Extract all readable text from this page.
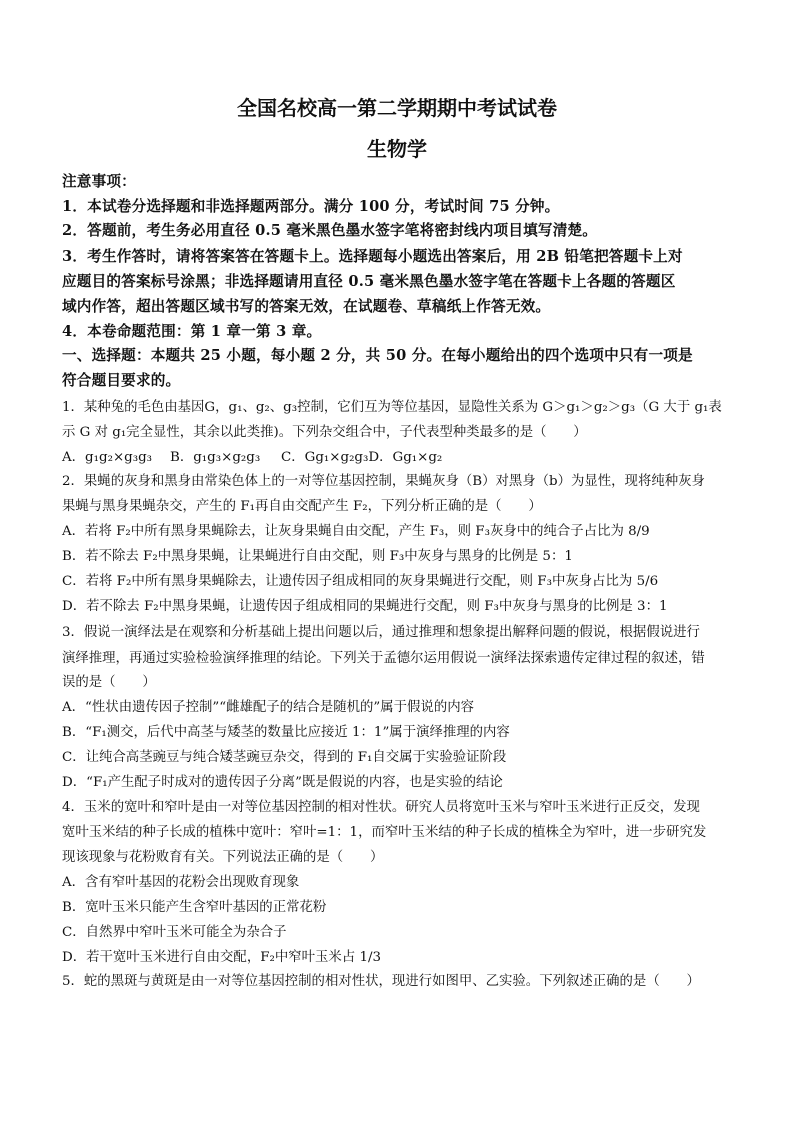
全国名校高一第二学期期中考试试卷
生物学
注意事项：
1．本试卷分选择题和非选择题两部分。满分 100 分，考试时间 75 分钟。
2．答题前，考生务必用直径 0.5 毫米黑色墨水签字笔将密封线内项目填写清楚。
3．考生作答时，请将答案答在答题卡上。选择题每小题选出答案后，用 2B 铅笔把答题卡上对
应题目的答案标号涂黑；非选择题请用直径 0.5 毫米黑色墨水签字笔在答题卡上各题的答题区
域内作答，超出答题区域书写的答案无效，在试题卷、草稿纸上作答无效。
4．本卷命题范围：第 1 章一第 3 章。
一、选择题：本题共 25 小题，每小题 2 分，共 50 分。在每小题给出的四个选项中只有一项是
符合题目要求的。
1．某种兔的毛色由基因G，g₁、g₂、g₃控制，它们互为等位基因，显隐性关系为 G＞g₁＞g₂＞g₃（G 大于 g₁表
示 G 对 g₁完全显性，其余以此类推)。下列杂交组合中，子代表型种类最多的是（　　）
A．g₁g₂×g₃g₃ B．g₁g₃×g₂g₃ C．Gg₁×g₂g₃D．Gg₁×g₂
2．果蝇的灰身和黑身由常染色体上的一对等位基因控制，果蝇灰身（B）对黑身（b）为显性，现将纯种灰身
果蝇与黑身果蝇杂交，产生的 F₁再自由交配产生 F₂，下列分析正确的是（　　）
A．若将 F₂中所有黑身果蝇除去，让灰身果蝇自由交配，产生 F₃，则 F₃灰身中的纯合子占比为 8/9
B．若不除去 F₂中黑身果蝇，让果蝇进行自由交配，则 F₃中灰身与黑身的比例是 5：1
C．若将 F₂中所有黑身果蝇除去，让遗传因子组成相同的灰身果蝇进行交配，则 F₃中灰身占比为 5/6
D．若不除去 F₂中黑身果蝇，让遗传因子组成相同的果蝇进行交配，则 F₃中灰身与黑身的比例是 3：1
3．假说一演绎法是在观察和分析基础上提出问题以后，通过推理和想象提出解释问题的假说，根据假说进行
演绎推理，再通过实验检验演绎推理的结论。下列关于孟德尔运用假说一演绎法探索遗传定律过程的叙述，错
误的是（　　）
A．“性状由遗传因子控制”“雌雄配子的结合是随机的”属于假说的内容
B．“F₁测交，后代中高茎与矮茎的数量比应接近 1：1”属于演绎推理的内容
C．让纯合高茎豌豆与纯合矮茎豌豆杂交，得到的 F₁自交属于实验验证阶段
D．“F₁产生配子时成对的遗传因子分离”既是假说的内容，也是实验的结论
4．玉米的宽叶和窄叶是由一对等位基因控制的相对性状。研究人员将宽叶玉米与窄叶玉米进行正反交，发现
宽叶玉米结的种子长成的植株中宽叶：窄叶=1：1，而窄叶玉米结的种子长成的植株全为窄叶，进一步研究发
现该现象与花粉败育有关。下列说法正确的是（　　）
A．含有窄叶基因的花粉会出现败育现象
B．宽叶玉米只能产生含窄叶基因的正常花粉
C．自然界中窄叶玉米可能全为杂合子
D．若干宽叶玉米进行自由交配，F₂中窄叶玉米占 1/3
5．蛇的黑斑与黄斑是由一对等位基因控制的相对性状，现进行如图甲、乙实验。下列叙述正确的是（　　）
